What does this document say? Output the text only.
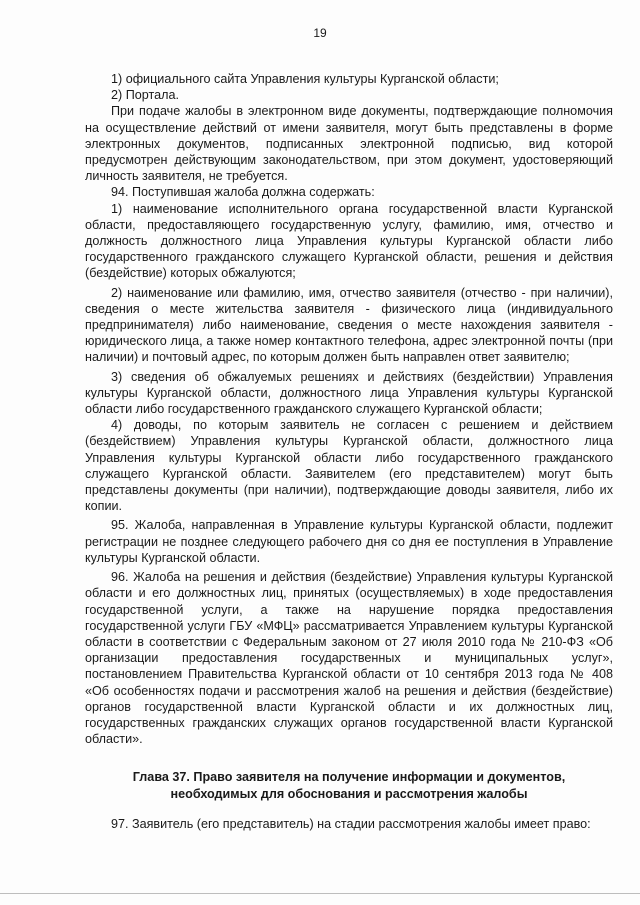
19

1) официального сайта Управления культуры Курганской области;

2) Портала.

При подаче жалобы в электронном виде документы, подтверждающие полномочия на осуществление действий от имени заявителя, могут быть представлены в форме электронных документов, подписанных электронной подписью, вид которой предусмотрен действующим законодательством, при этом документ, удостоверяющий личность заявителя, не требуется.

94. Поступившая жалоба должна содержать:

1) наименование исполнительного органа государственной власти Курганской области, предоставляющего государственную услугу, фамилию, имя, отчество и должность должностного лица Управления культуры Курганской области либо государственного гражданского служащего Курганской области, решения и действия (бездействие) которых обжалуются;

2) наименование или фамилию, имя, отчество заявителя (отчество - при наличии), сведения о месте жительства заявителя - физического лица (индивидуального предпринимателя) либо наименование, сведения о месте нахождения заявителя - юридического лица, а также номер контактного телефона, адрес электронной почты (при наличии) и почтовый адрес, по которым должен быть направлен ответ заявителю;

3) сведения об обжалуемых решениях и действиях (бездействии) Управления культуры Курганской области, должностного лица Управления культуры Курганской области либо государственного гражданского служащего Курганской области;

4) доводы, по которым заявитель не согласен с решением и действием (бездействием) Управления культуры Курганской области, должностного лица Управления культуры Курганской области либо государственного гражданского служащего Курганской области. Заявителем (его представителем) могут быть представлены документы (при наличии), подтверждающие доводы заявителя, либо их копии.

95. Жалоба, направленная в Управление культуры Курганской области, подлежит регистрации не позднее следующего рабочего дня со дня ее поступления в Управление культуры Курганской области.

96. Жалоба на решения и действия (бездействие) Управления культуры Курганской области и его должностных лиц, принятых (осуществляемых) в ходе предоставления государственной услуги, а также на нарушение порядка предоставления государственной услуги ГБУ «МФЦ» рассматривается Управлением культуры Курганской области в соответствии с Федеральным законом от 27 июля 2010 года № 210-ФЗ «Об организации предоставления государственных и муниципальных услуг», постановлением Правительства Курганской области от 10 сентября 2013 года № 408 «Об особенностях подачи и рассмотрения жалоб на решения и действия (бездействие) органов государственной власти Курганской области и их должностных лиц, государственных гражданских служащих органов государственной власти Курганской области».

Глава 37. Право заявителя на получение информации и документов, необходимых для обоснования и рассмотрения жалобы

97. Заявитель (его представитель) на стадии рассмотрения жалобы имеет право:
